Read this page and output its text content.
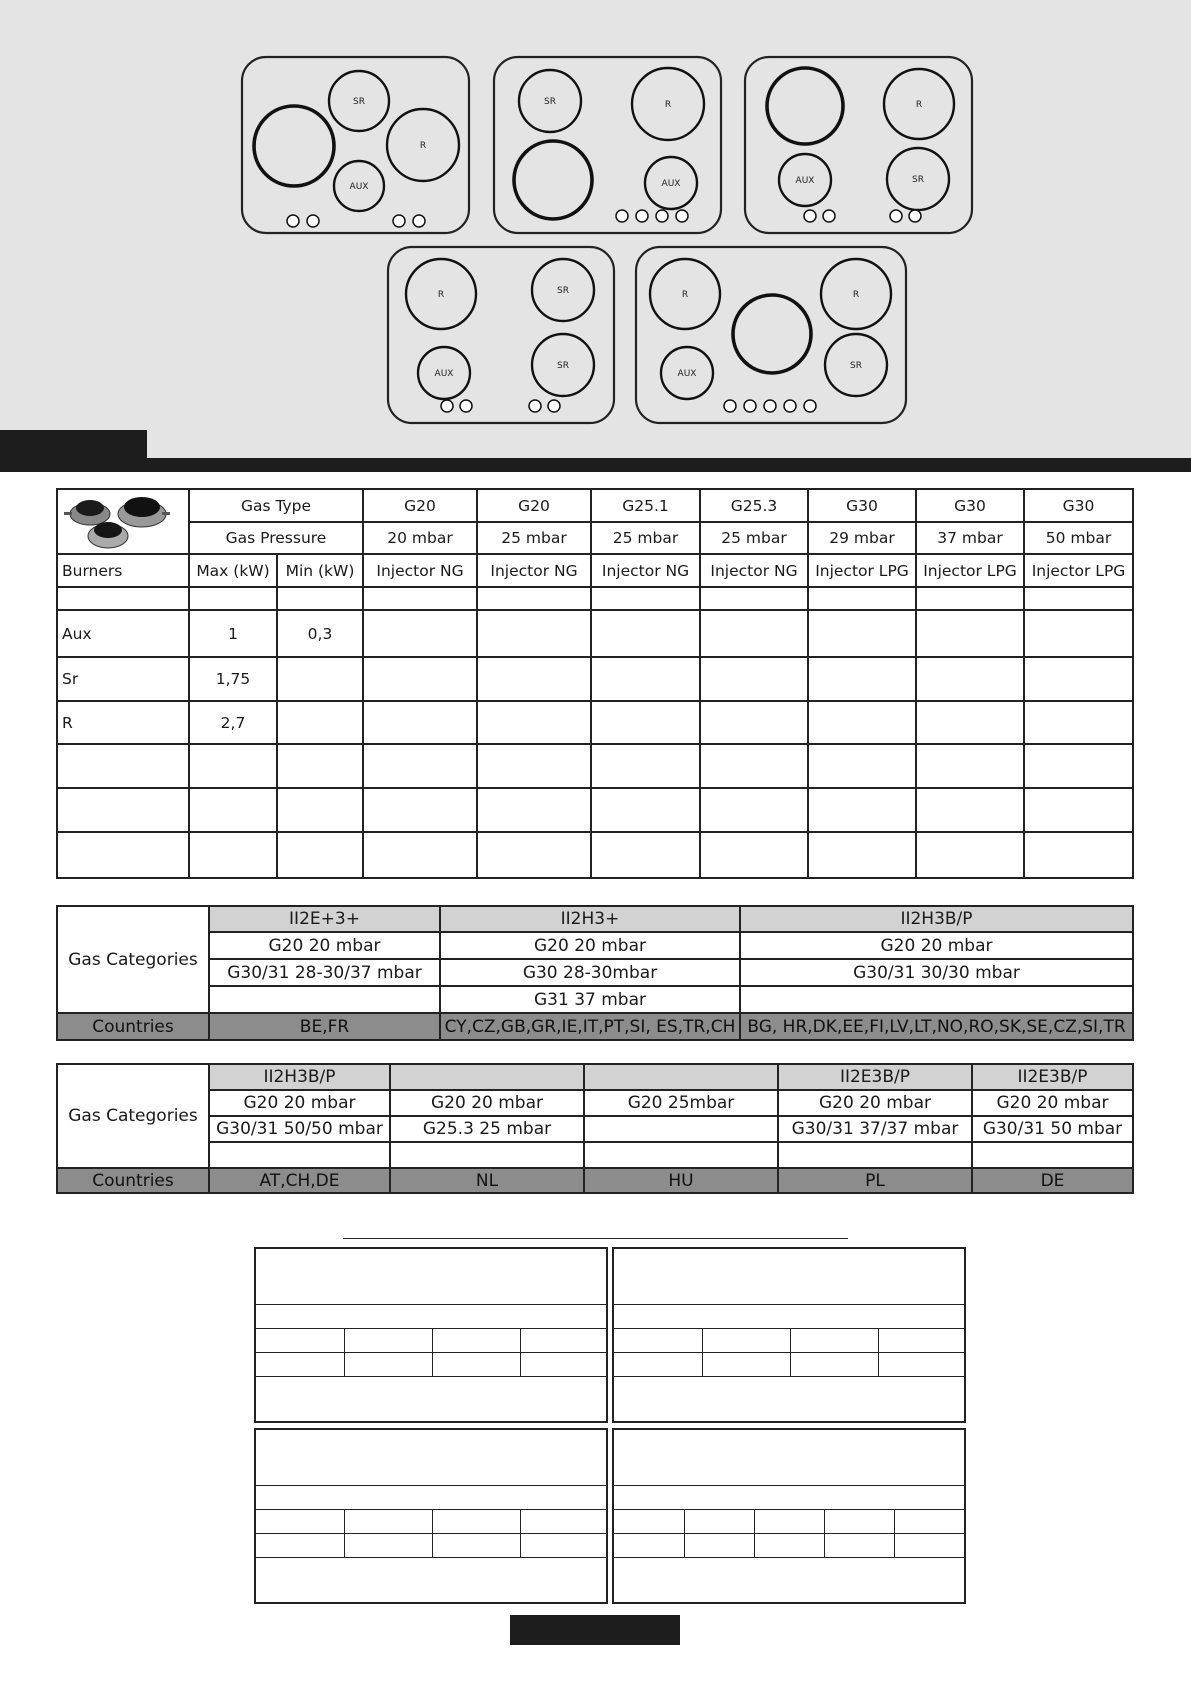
SR
R
AUX
SR	R
AUX
R
AUX	SR
R	SR
AUX
SR
R	R
AUX
SR
	Gas Type		G20	G20	G25.1	G25.3	G30	G30	G30
	Gas Pressure		20 mbar	25 mbar	25 mbar	25 mbar	29 mbar	37 mbar	50 mbar
Burners	Max (kW)	Min (kW)	Injector NG	Injector NG	Injector NG	Injector NG	Injector LPG	Injector LPG	Injector LPG

Aux	1	0,3							
Sr	1,75								
R	2,7								

Gas Categories	II2E+3+	II2H3+	II2H3B/P
	G20 20 mbar	G20 20 mbar	G20 20 mbar
	G30/31 28-30/37 mbar	G30 28-30mbar	G30/31 30/30 mbar
		G31 37 mbar	
Countries	BE,FR	CY,CZ,GB,GR,IE,IT,PT,SI, ES,TR,CH	BG, HR,DK,EE,FI,LV,LT,NO,RO,SK,SE,CZ,SI,TR
Gas Categories	II2H3B/P			II2E3B/P	II2E3B/P
	G20 20 mbar	G20 20 mbar	G20 25mbar	G20 20 mbar	G20 20 mbar
	G30/31 50/50 mbar	G25.3 25 mbar		G30/31 37/37 mbar	G30/31 50 mbar

Countries	AT,CH,DE	NL	HU	PL	DE
